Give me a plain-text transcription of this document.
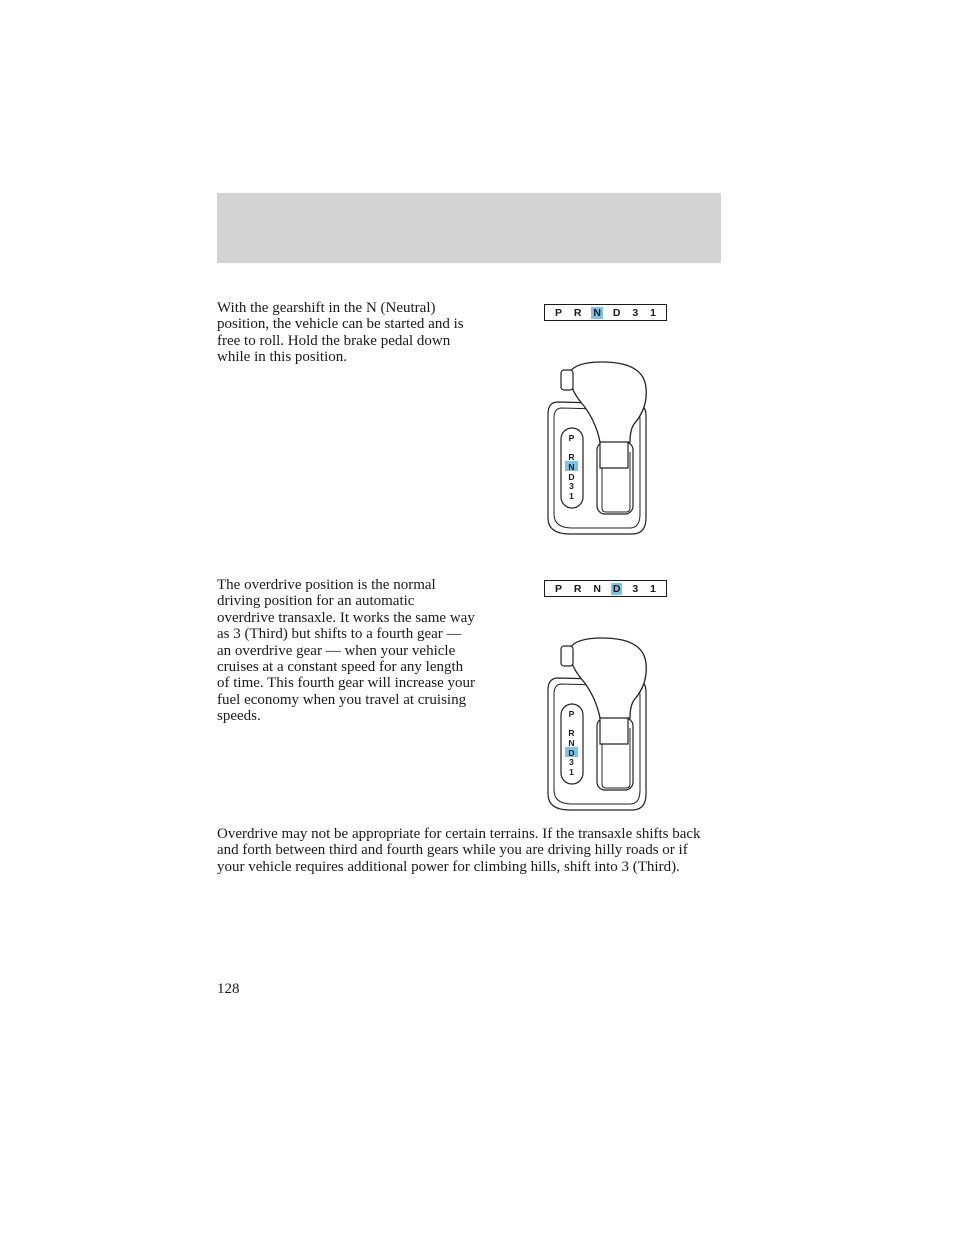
With the gearshift in the N (Neutral) position, the vehicle can be started and is free to roll. Hold the brake pedal down while in this position.

P R N D 3 1
P
R
N
D
3
1

The overdrive position is the normal driving position for an automatic overdrive transaxle. It works the same way as 3 (Third) but shifts to a fourth gear — an overdrive gear — when your vehicle cruises at a constant speed for any length of time. This fourth gear will increase your fuel economy when you travel at cruising speeds.

P R N D 3 1
P
R
N
D
3
1

Overdrive may not be appropriate for certain terrains. If the transaxle shifts back and forth between third and fourth gears while you are driving hilly roads or if your vehicle requires additional power for climbing hills, shift into 3 (Third).

128
